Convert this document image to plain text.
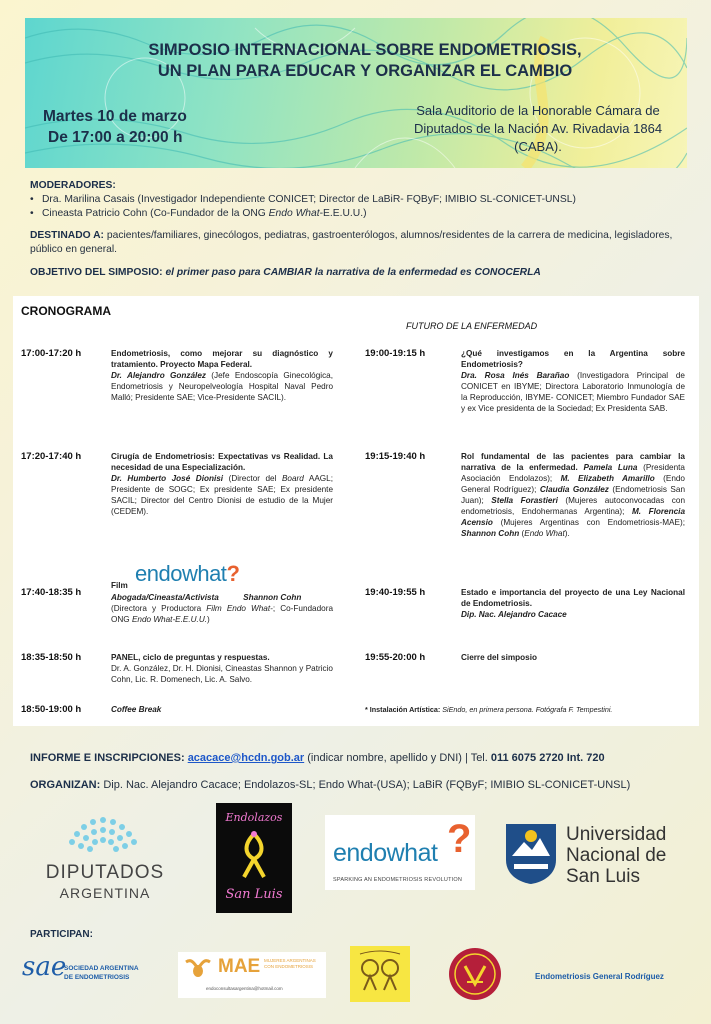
SIMPOSIO INTERNACIONAL SOBRE ENDOMETRIOSIS,
UN PLAN PARA EDUCAR Y ORGANIZAR EL CAMBIO
Martes 10 de marzo
De 17:00 a 20:00 h
Sala Auditorio de la Honorable Cámara de Diputados de la Nación Av. Rivadavia 1864 (CABA).
MODERADORES:
• Dra. Marilina Casais (Investigador Independiente CONICET; Director de LaBiR- FQByF; IMIBIO SL-CONICET-UNSL)
• Cineasta Patricio Cohn (Co-Fundador de la ONG Endo What-E.E.U.U.)
DESTINADO A: pacientes/familiares, ginecólogos, pediatras, gastroenterólogos, alumnos/residentes de la carrera de medicina, legisladores, público en general.
OBJETIVO DEL SIMPOSIO: el primer paso para CAMBIAR la narrativa de la enfermedad es CONOCERLA
CRONOGRAMA
FUTURO DE LA ENFERMEDAD
17:00-17:20 h	Endometriosis, como mejorar su diagnóstico y tratamiento. Proyecto Mapa Federal.
Dr. Alejandro González (Jefe Endoscopía Ginecológica, Endometriosis y Neuropelveología Hospital Naval Pedro Malló; Presidente SAE; Vice-Presidente SACIL).
17:20-17:40 h	Cirugía de Endometriosis: Expectativas vs Realidad. La necesidad de una Especialización.
Dr. Humberto José Dionisi (Director del Board AAGL; Presidente de SOGC; Ex presidente SAE; Ex presidente SACIL; Director del Centro Dionisi de estudio de la Mujer (CEDEM).
17:40-18:35 h
Film endowhat?
Abogada/Cineasta/Activista	Shannon Cohn
(Directora y Productora Film Endo What-; Co-Fundadora ONG Endo What-E.E.U.U.)
18:35-18:50 h	PANEL, ciclo de preguntas y respuestas.
Dr. A. González, Dr. H. Dionisi, Cineastas Shannon y Patricio Cohn, Lic. R. Domenech, Lic. A. Salvo.
18:50-19:00 h	Coffee Break
19:00-19:15 h	¿Qué investigamos en la Argentina sobre Endometriosis?
Dra. Rosa Inés Barañao (Investigadora Principal de CONICET en IBYME; Directora Laboratorio Inmunología de la Reproducción, IBYME- CONICET; Miembro Fundador SAE y ex Vice presidenta de la Sociedad; Ex Presidenta SAB.
19:15-19:40 h	Rol fundamental de las pacientes para cambiar la narrativa de la enfermedad. Pamela Luna (Presidenta Asociación Endolazos); M. Elizabeth Amarillo (Endo General Rodríguez); Claudia González (Endometriosis San Juan); Stella Forastieri (Mujeres autoconvocadas con endometriosis, Endohermanas Argentina); M. Florencia Acensio (Mujeres Argentinas con Endometriosis-MAE); Shannon Cohn (Endo What).
19:40-19:55 h	Estado e importancia del proyecto de una Ley Nacional de Endometriosis.
Dip. Nac. Alejandro Cacace
19:55-20:00 h	Cierre del simposio
* Instalación Artística: SiEndo, en primera persona. Fotógrafa F. Tempestini.
INFORME E INSCRIPCIONES: acacace@hcdn.gob.ar (indicar nombre, apellido y DNI) | Tel. 011 6075 2720 Int. 720
ORGANIZAN: Dip. Nac. Alejandro Cacace; Endolazos-SL; Endo What-(USA); LaBiR (FQByF; IMIBIO SL-CONICET-UNSL)
DIPUTADOS
ARGENTINA
Endolazos
San Luis
endowhat ?
SPARKING AN ENDOMETRIOSIS REVOLUTION
Universidad
Nacional de
San Luis
PARTICIPAN:
sae
SOCIEDAD ARGENTINA
DE ENDOMETRIOSIS
MAE MUJERES ARGENTINAS
CON ENDOMETRIOSIS
endoconsultasargentina@hotmail.com
Endometriosis General Rodríguez
